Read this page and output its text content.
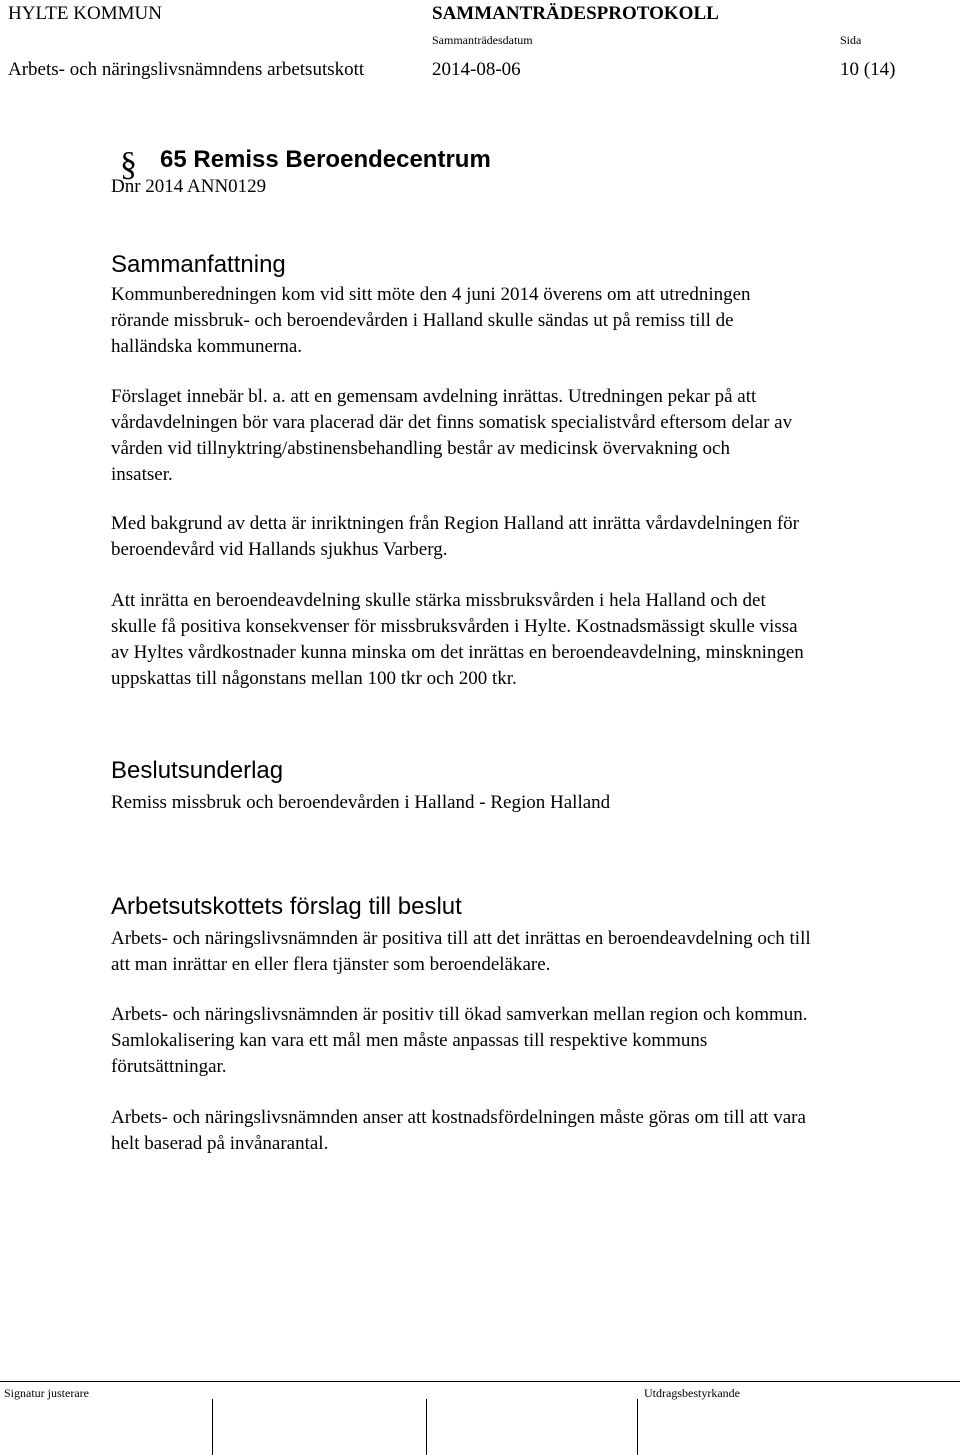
HYLTE KOMMUN	SAMMANTRÄDESPROTOKOLL
Sammanträdesdatum	Sida
Arbets- och näringslivsnämndens arbetsutskott	2014-08-06	10 (14)
§ 65 Remiss Beroendecentrum
Dnr 2014 ANN0129
Sammanfattning
Kommunberedningen kom vid sitt möte den 4 juni 2014 överens om att utredningen
rörande missbruk- och beroendevården i Halland skulle sändas ut på remiss till de
halländska kommunerna.
Förslaget innebär bl. a. att en gemensam avdelning inrättas. Utredningen pekar på att
vårdavdelningen bör vara placerad där det finns somatisk specialistvård eftersom delar av
vården vid tillnyktring/abstinensbehandling består av medicinsk övervakning och
insatser.
Med bakgrund av detta är inriktningen från Region Halland att inrätta vårdavdelningen för
beroendevård vid Hallands sjukhus Varberg.
Att inrätta en beroendeavdelning skulle stärka missbruksvården i hela Halland och det
skulle få positiva konsekvenser för missbruksvården i Hylte. Kostnadsmässigt skulle vissa
av Hyltes vårdkostnader kunna minska om det inrättas en beroendeavdelning, minskningen
uppskattas till någonstans mellan 100 tkr och 200 tkr.
Beslutsunderlag
Remiss missbruk och beroendevården i Halland - Region Halland
Arbetsutskottets förslag till beslut
Arbets- och näringslivsnämnden är positiva till att det inrättas en beroendeavdelning och till
att man inrättar en eller flera tjänster som beroendeläkare.
Arbets- och näringslivsnämnden är positiv till ökad samverkan mellan region och kommun.
Samlokalisering kan vara ett mål men måste anpassas till respektive kommuns
förutsättningar.
Arbets- och näringslivsnämnden anser att kostnadsfördelningen måste göras om till att vara
helt baserad på invånarantal.
Signatur justerare	Utdragsbestyrkande
